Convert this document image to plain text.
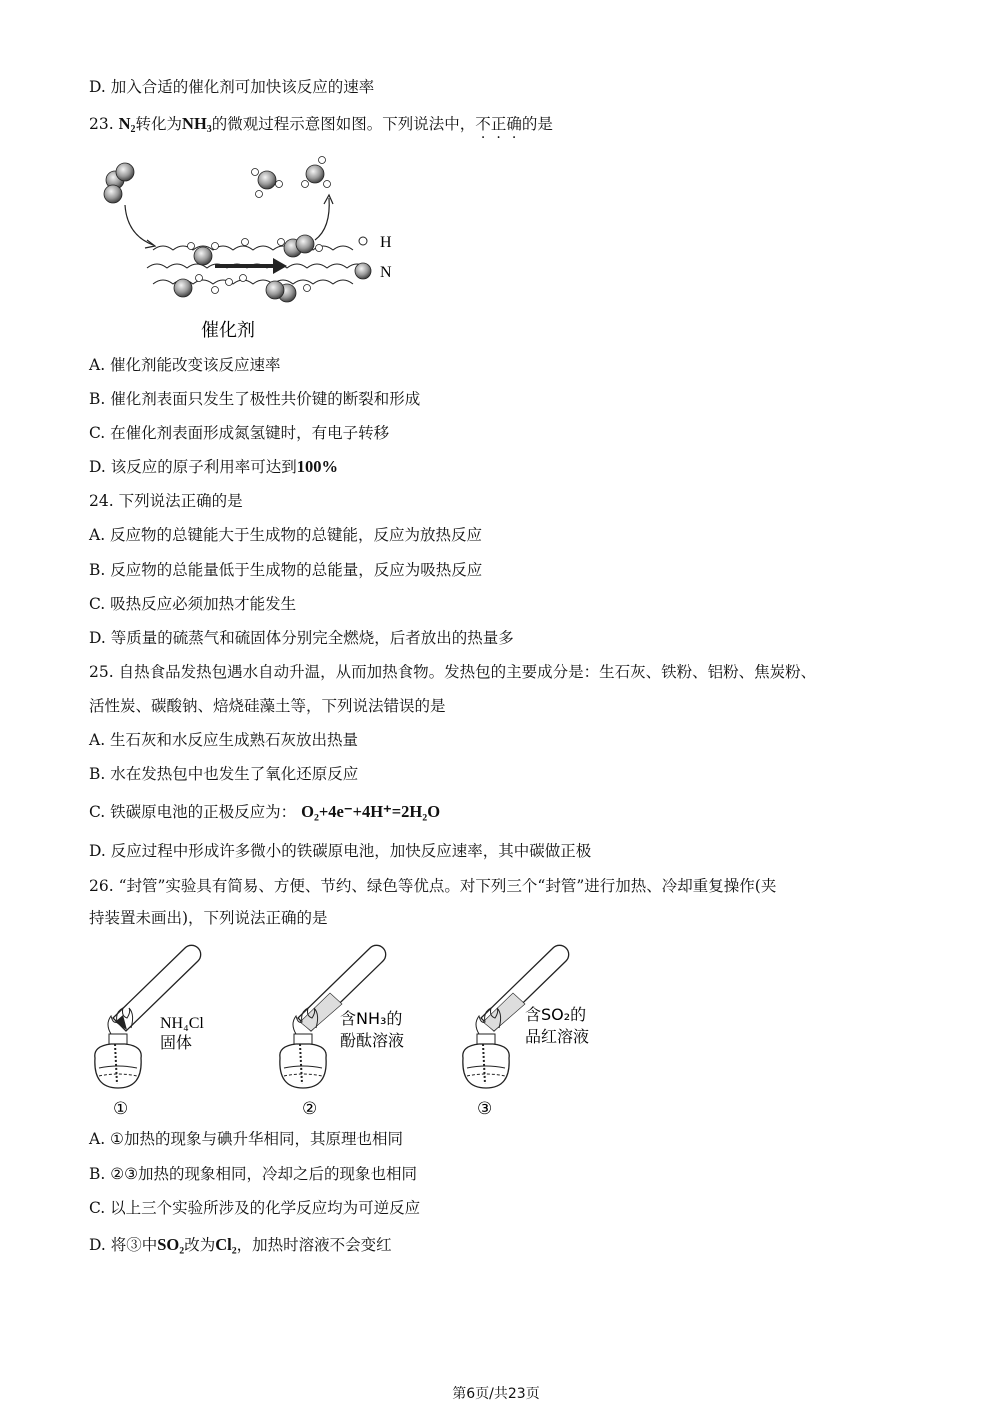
D. 加入合适的催化剂可加快该反应的速率
23. $N_2$转化为$NH_3$的微观过程示意图如图。下列说法中，不正确的是
H
N
催化剂
A. 催化剂能改变该反应速率
B. 催化剂表面只发生了极性共价键的断裂和形成
C. 在催化剂表面形成氮氢键时，有电子转移
D. 该反应的原子利用率可达到100%
24. 下列说法正确的是
A. 反应物的总键能大于生成物的总键能，反应为放热反应
B. 反应物的总能量低于生成物的总能量，反应为吸热反应
C. 吸热反应必须加热才能发生
D. 等质量的硫蒸气和硫固体分别完全燃烧，后者放出的热量多
25. 自热食品发热包遇水自动升温，从而加热食物。发热包的主要成分是：生石灰、铁粉、铝粉、焦炭粉、
活性炭、碳酸钠、焙烧硅藻土等，下列说法错误的是
A. 生石灰和水反应生成熟石灰放出热量
B. 水在发热包中也发生了氧化还原反应
C. 铁碳原电池的正极反应为： O₂+4e⁻+4H⁺=2H₂O
D. 反应过程中形成许多微小的铁碳原电池，加快反应速率，其中碳做正极
26. “封管”实验具有简易、方便、节约、绿色等优点。对下列三个“封管”进行加热、冷却重复操作(夹
持装置未画出)，下列说法正确的是
NH₄Cl
固体
①
含NH₃的
酚酞溶液
②
含SO₂的
品红溶液
③
A. ①加热的现象与碘升华相同，其原理也相同
B. ②③加热的现象相同，冷却之后的现象也相同
C. 以上三个实验所涉及的化学反应均为可逆反应
D. 将③中SO₂改为Cl₂，加热时溶液不会变红
第6页/共23页
